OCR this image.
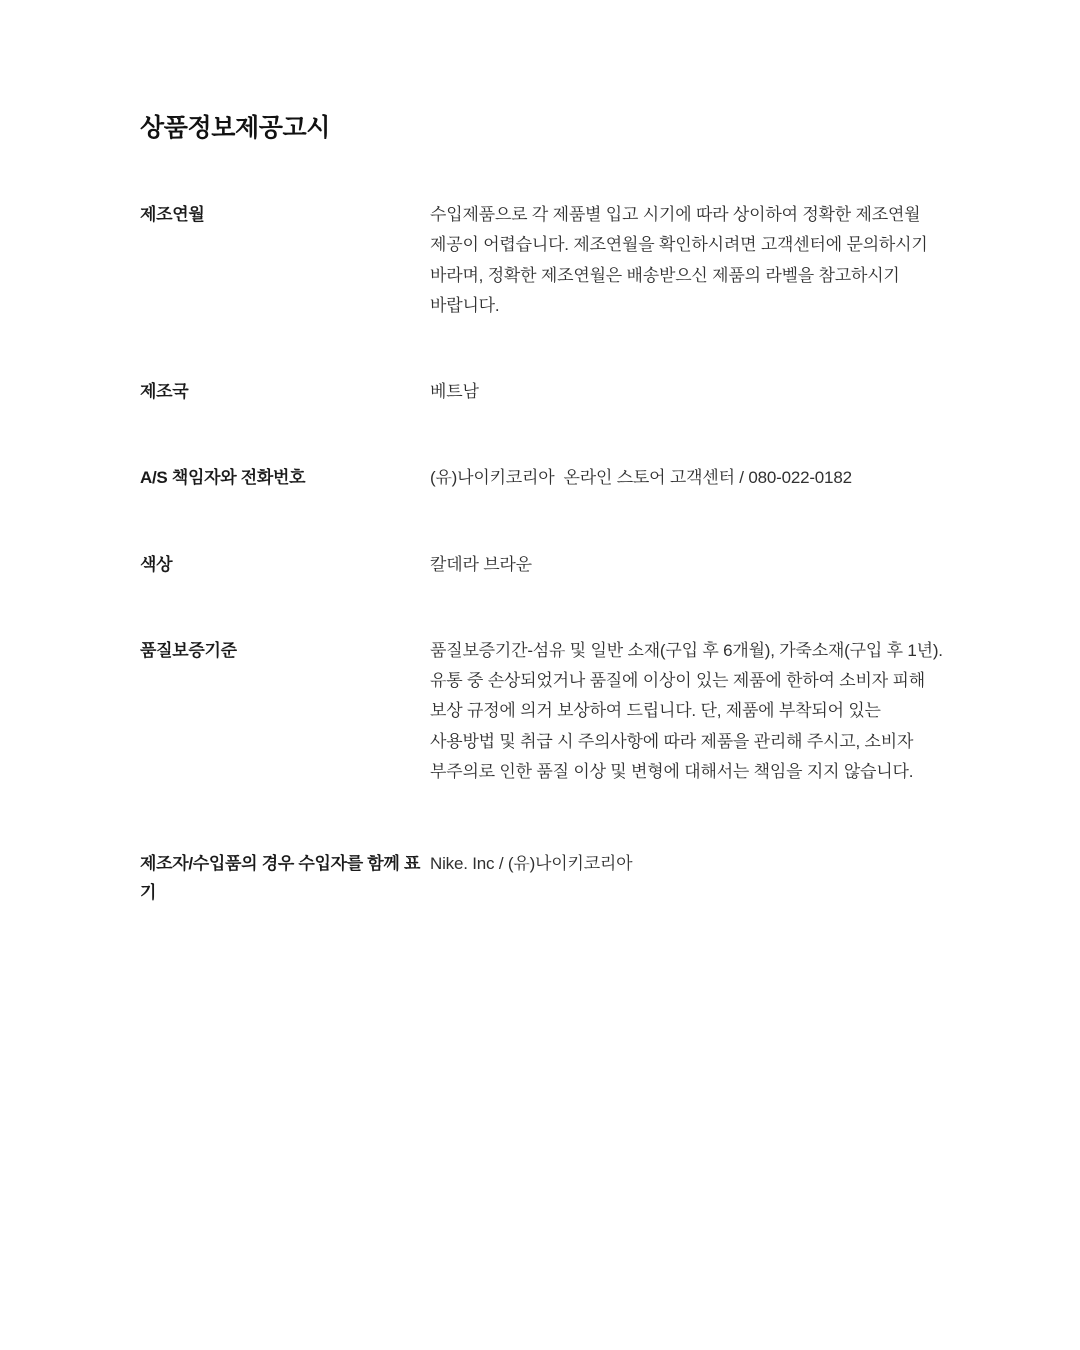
상품정보제공고시
제조연월	수입제품으로 각 제품별 입고 시기에 따라 상이하여 정확한 제조연월 제공이 어렵습니다. 제조연월을 확인하시려면 고객센터에 문의하시기 바라며, 정확한 제조연월은 배송받으신 제품의 라벨을 참고하시기 바랍니다.

제조국	베트남

A/S 책임자와 전화번호	(유)나이키코리아  온라인 스토어 고객센터 / 080-022-0182

색상	칼데라 브라운

품질보증기준	품질보증기간-섬유 및 일반 소재(구입 후 6개월), 가죽소재(구입 후 1년). 유통 중 손상되었거나 품질에 이상이 있는 제품에 한하여 소비자 피해 보상 규정에 의거 보상하여 드립니다. 단, 제품에 부착되어 있는 사용방법 및 취급 시 주의사항에 따라 제품을 관리해 주시고, 소비자 부주의로 인한 품질 이상 및 변형에 대해서는 책임을 지지 않습니다.

제조자/수입품의 경우 수입자를 함께 표기	Nike. Inc / (유)나이키코리아
